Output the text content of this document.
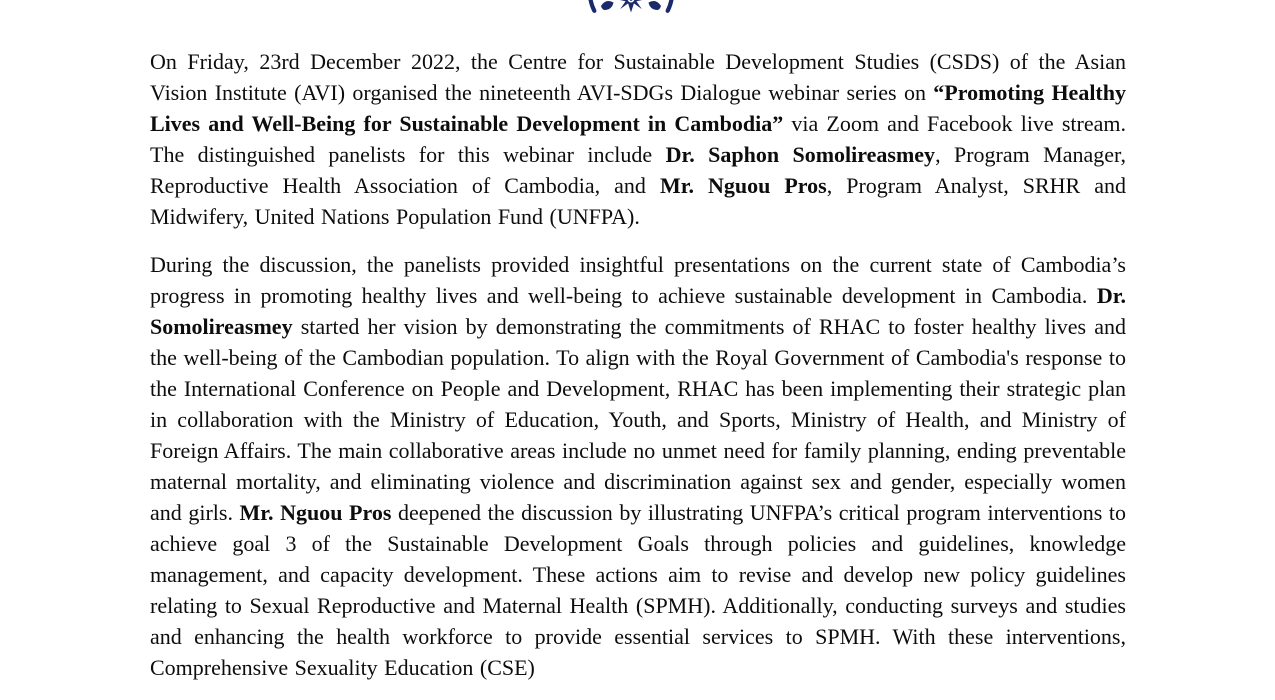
On Friday, 23rd December 2022, the Centre for Sustainable Development Studies (CSDS) of the Asian Vision Institute (AVI) organised the nineteenth AVI-SDGs Dialogue webinar series on “Promoting Healthy Lives and Well-Being for Sustainable Development in Cambodia” via Zoom and Facebook live stream. The distinguished panelists for this webinar include Dr. Saphon Somolireasmey, Program Manager, Reproductive Health Association of Cambodia, and Mr. Nguou Pros, Program Analyst, SRHR and Midwifery, United Nations Population Fund (UNFPA).

During the discussion, the panelists provided insightful presentations on the current state of Cambodia’s progress in promoting healthy lives and well-being to achieve sustainable development in Cambodia. Dr. Somolireasmey started her vision by demonstrating the commitments of RHAC to foster healthy lives and the well-being of the Cambodian population. To align with the Royal Government of Cambodia's response to the International Conference on People and Development, RHAC has been implementing their strategic plan in collaboration with the Ministry of Education, Youth, and Sports, Ministry of Health, and Ministry of Foreign Affairs. The main collaborative areas include no unmet need for family planning, ending preventable maternal mortality, and eliminating violence and discrimination against sex and gender, especially women and girls. Mr. Nguou Pros deepened the discussion by illustrating UNFPA’s critical program interventions to achieve goal 3 of the Sustainable Development Goals through policies and guidelines, knowledge management, and capacity development. These actions aim to revise and develop new policy guidelines relating to Sexual Reproductive and Maternal Health (SPMH). Additionally, conducting surveys and studies and enhancing the health workforce to provide essential services to SPMH. With these interventions, Comprehensive Sexuality Education (CSE)
